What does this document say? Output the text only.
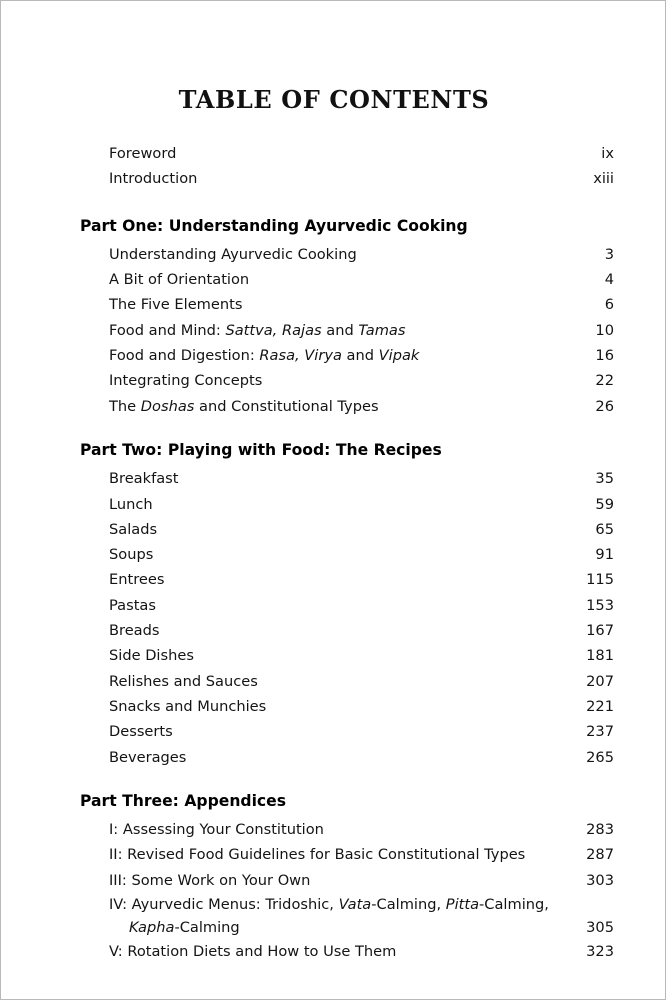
TABLE OF CONTENTS
Foreword	ix
Introduction	xiii
Part One: Understanding Ayurvedic Cooking
Understanding Ayurvedic Cooking	3
A Bit of Orientation	4
The Five Elements	6
Food and Mind: Sattva, Rajas and Tamas	10
Food and Digestion: Rasa, Virya and Vipak	16
Integrating Concepts	22
The Doshas and Constitutional Types	26
Part Two: Playing with Food: The Recipes
Breakfast	35
Lunch	59
Salads	65
Soups	91
Entrees	115
Pastas	153
Breads	167
Side Dishes	181
Relishes and Sauces	207
Snacks and Munchies	221
Desserts	237
Beverages	265
Part Three: Appendices
I: Assessing Your Constitution	283
II: Revised Food Guidelines for Basic Constitutional Types	287
III: Some Work on Your Own	303
IV: Ayurvedic Menus: Tridoshic, Vata-Calming, Pitta-Calming,
Kapha-Calming	305
V: Rotation Diets and How to Use Them	323
